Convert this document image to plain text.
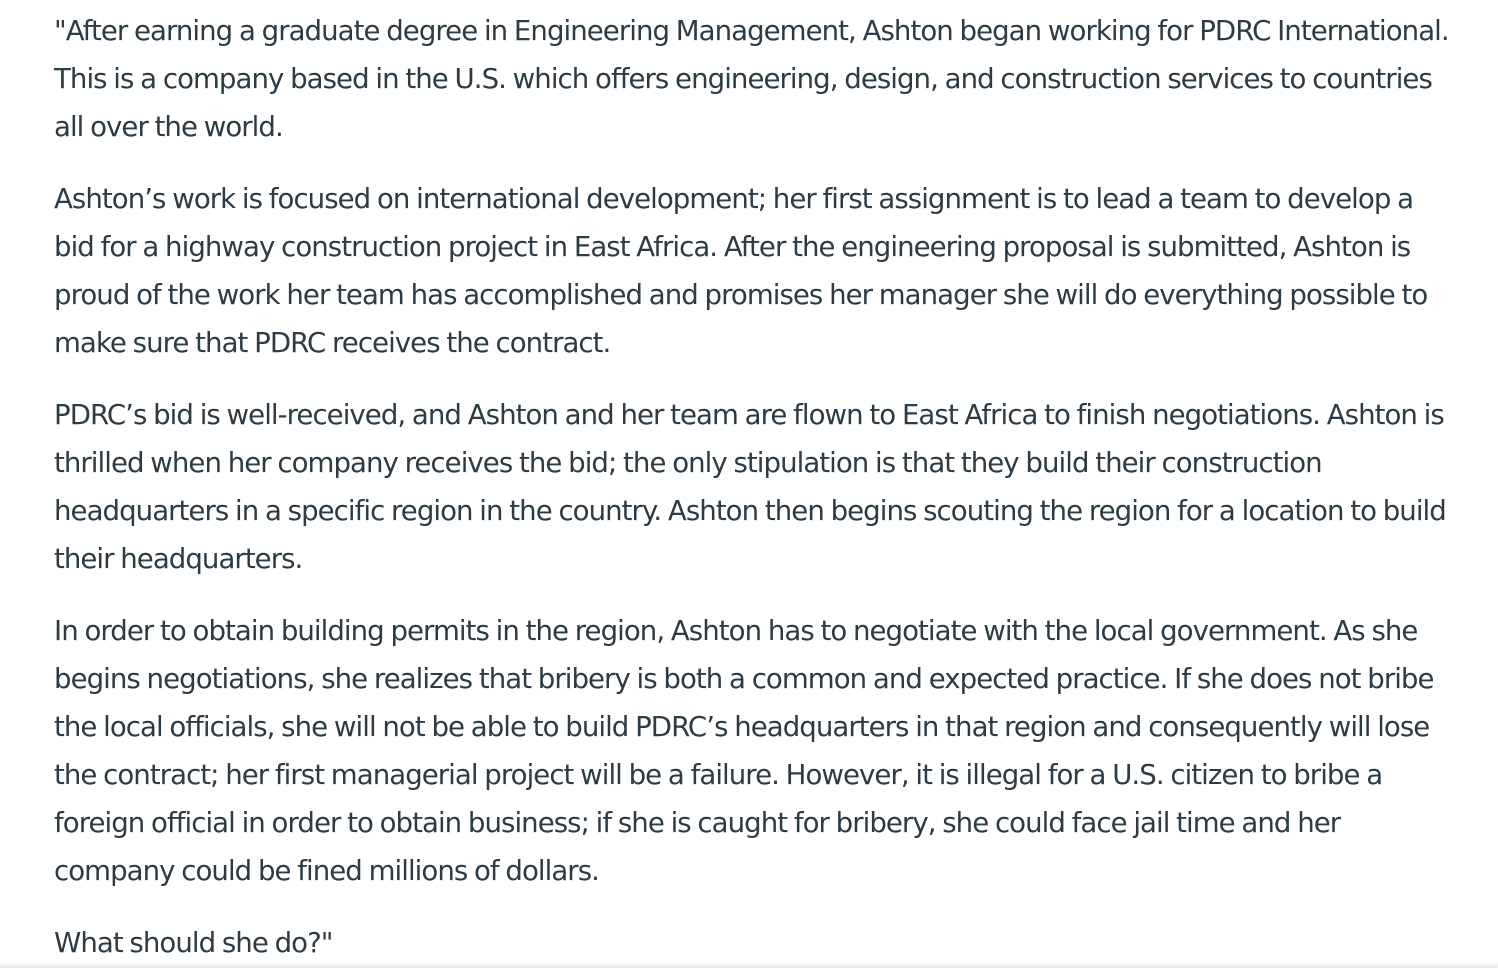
"After earning a graduate degree in Engineering Management, Ashton began working for PDRC International. This is a company based in the U.S. which offers engineering, design, and construction services to countries all over the world.

Ashton’s work is focused on international development; her first assignment is to lead a team to develop a bid for a highway construction project in East Africa. After the engineering proposal is submitted, Ashton is proud of the work her team has accomplished and promises her manager she will do everything possible to make sure that PDRC receives the contract.

PDRC’s bid is well-received, and Ashton and her team are flown to East Africa to finish negotiations. Ashton is thrilled when her company receives the bid; the only stipulation is that they build their construction headquarters in a specific region in the country. Ashton then begins scouting the region for a location to build their headquarters.

In order to obtain building permits in the region, Ashton has to negotiate with the local government. As she begins negotiations, she realizes that bribery is both a common and expected practice. If she does not bribe the local officials, she will not be able to build PDRC’s headquarters in that region and consequently will lose the contract; her first managerial project will be a failure. However, it is illegal for a U.S. citizen to bribe a foreign official in order to obtain business; if she is caught for bribery, she could face jail time and her company could be fined millions of dollars.

What should she do?"
